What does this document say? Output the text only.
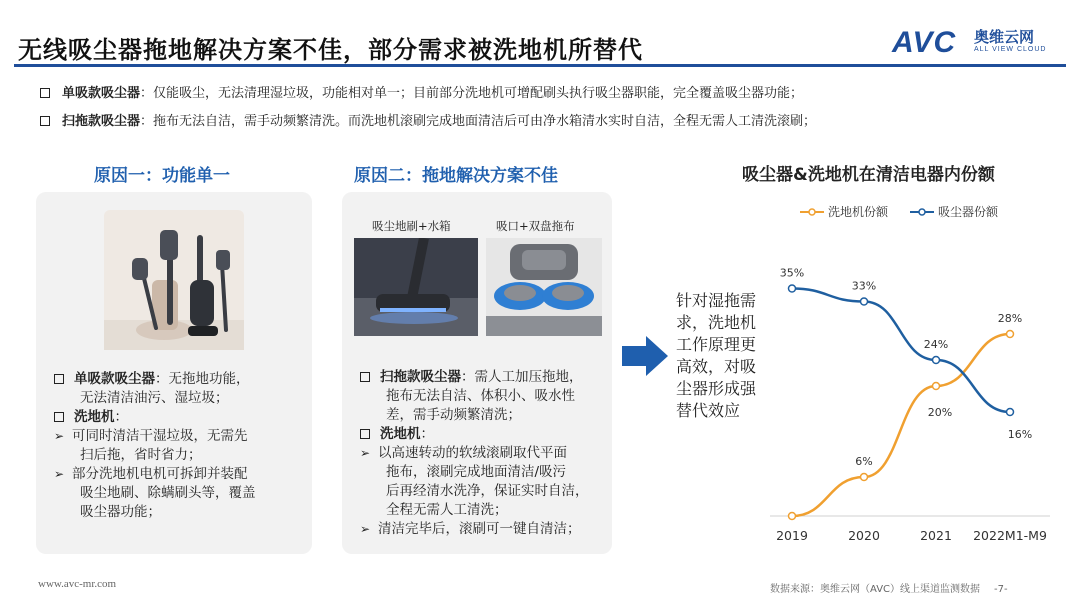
无线吸尘器拖地解决方案不佳，部分需求被洗地机所替代	AVC 奥维云网
ALL VIEW CLOUD
单吸款吸尘器：仅能吸尘，无法清理湿垃圾，功能相对单一；目前部分洗地机可增配刷头执行吸尘器职能，完全覆盖吸尘器功能；
扫拖款吸尘器：拖布无法自洁，需手动频繁清洗。而洗地机滚刷完成地面清洁后可由净水箱清水实时自洁，全程无需人工清洗滚刷；
原因一：功能单一	原因二：拖地解决方案不佳
单吸款吸尘器：无拖地功能，
无法清洁油污、湿垃圾；
洗地机：
➢ 可同时清洁干湿垃圾，无需先
扫后拖，省时省力；
➢ 部分洗地机电机可拆卸并装配
吸尘地刷、除螨刷头等，覆盖
吸尘器功能；
吸尘地刷+水箱	吸口+双盘拖布
扫拖款吸尘器：需人工加压拖地，
拖布无法自洁、体积小、吸水性
差，需手动频繁清洗；
洗地机：
➢ 以高速转动的软绒滚刷取代平面
拖布，滚刷完成地面清洁/吸污
后再经清水洗净，保证实时自洁，
全程无需人工清洗；
➢ 清洁完毕后，滚刷可一键自清洁；
针对湿拖需
求，洗地机
工作原理更
高效，对吸
尘器形成强
替代效应
吸尘器&洗地机在清洁电器内份额
洗地机份额	吸尘器份额
6%
20%
28%
35%
33%
24%
16%
2019	2020	2021 2022M1-M9
www.avc-mr.com	数据来源：奥维云网（AVC）线上渠道监测数据 -7-
